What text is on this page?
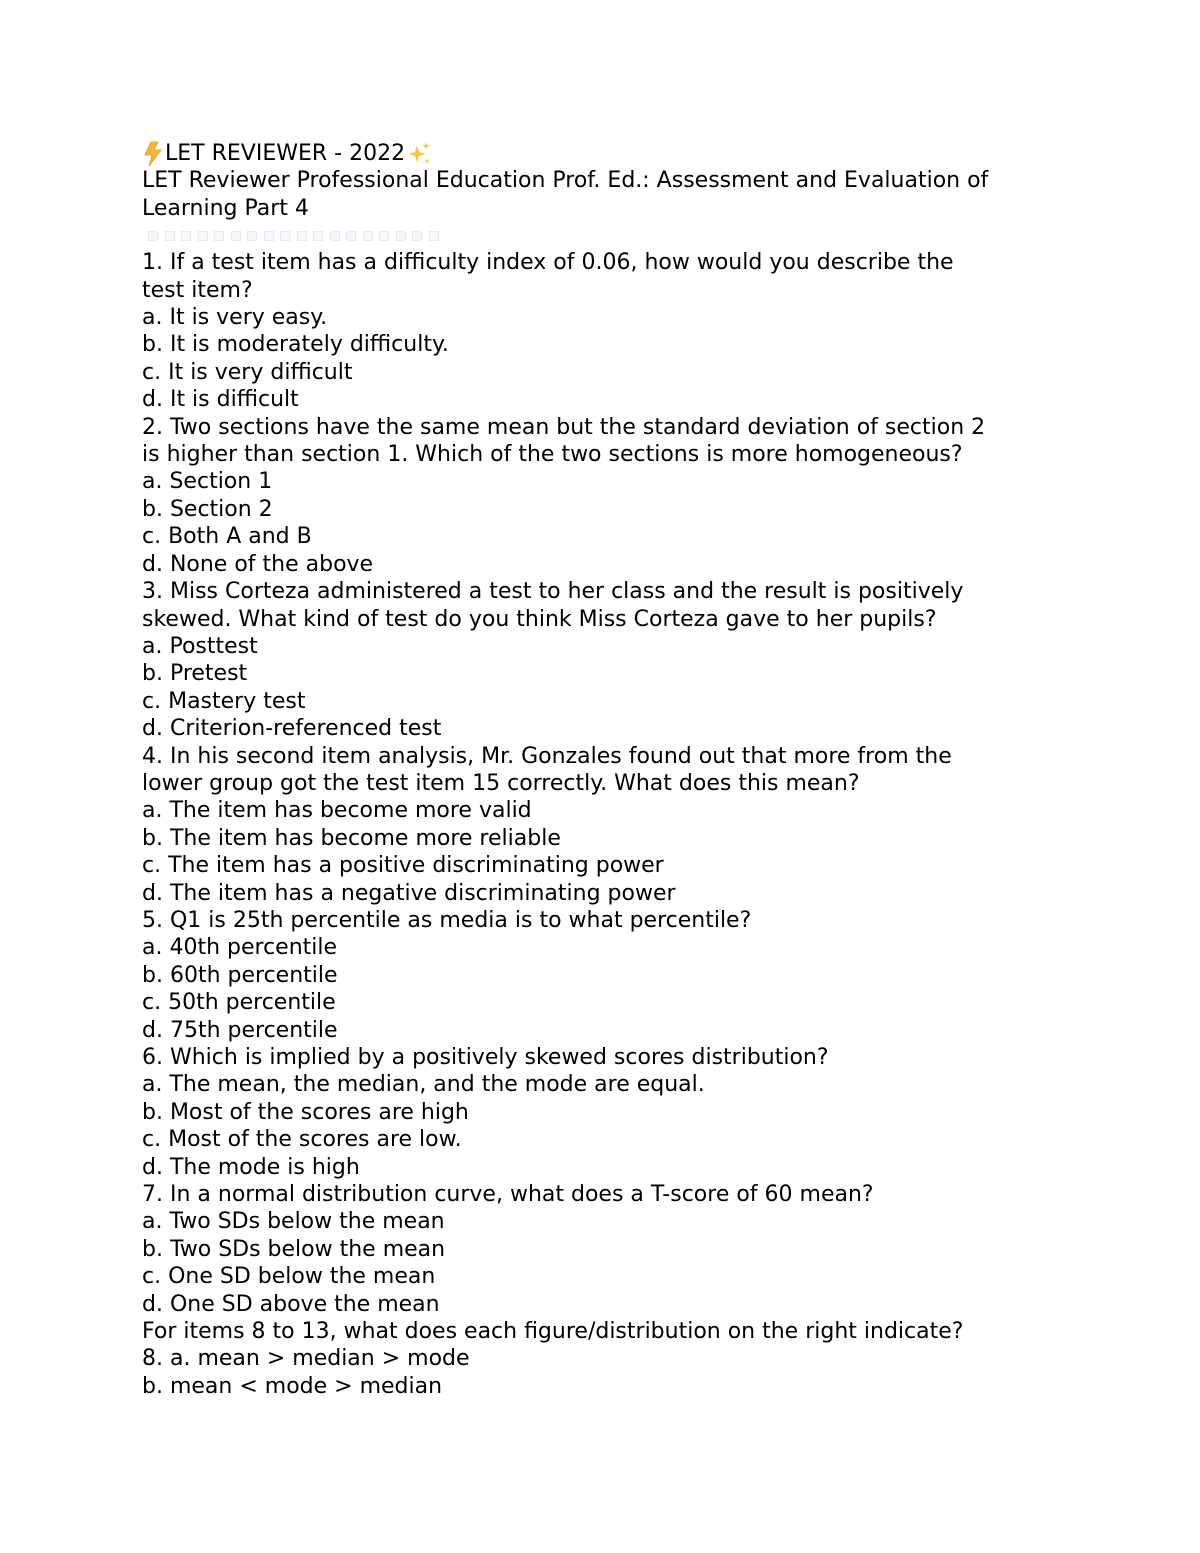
LET REVIEWER - 2022
LET Reviewer Professional Education Prof. Ed.: Assessment and Evaluation of Learning Part 4
1. If a test item has a difficulty index of 0.06, how would you describe the
test item?
a. It is very easy.
b. It is moderately difficulty.
c. It is very difficult
d. It is difficult
2. Two sections have the same mean but the standard deviation of section 2
is higher than section 1. Which of the two sections is more homogeneous?
a. Section 1
b. Section 2
c. Both A and B
d. None of the above
3. Miss Corteza administered a test to her class and the result is positively
skewed. What kind of test do you think Miss Corteza gave to her pupils?
a. Posttest
b. Pretest
c. Mastery test
d. Criterion-referenced test
4. In his second item analysis, Mr. Gonzales found out that more from the
lower group got the test item 15 correctly. What does this mean?
a. The item has become more valid
b. The item has become more reliable
c. The item has a positive discriminating power
d. The item has a negative discriminating power
5. Q1 is 25th percentile as media is to what percentile?
a. 40th percentile
b. 60th percentile
c. 50th percentile
d. 75th percentile
6. Which is implied by a positively skewed scores distribution?
a. The mean, the median, and the mode are equal.
b. Most of the scores are high
c. Most of the scores are low.
d. The mode is high
7. In a normal distribution curve, what does a T-score of 60 mean?
a. Two SDs below the mean
b. Two SDs below the mean
c. One SD below the mean
d. One SD above the mean
For items 8 to 13, what does each figure/distribution on the right indicate?
8. a. mean > median > mode
b. mean < mode > median
